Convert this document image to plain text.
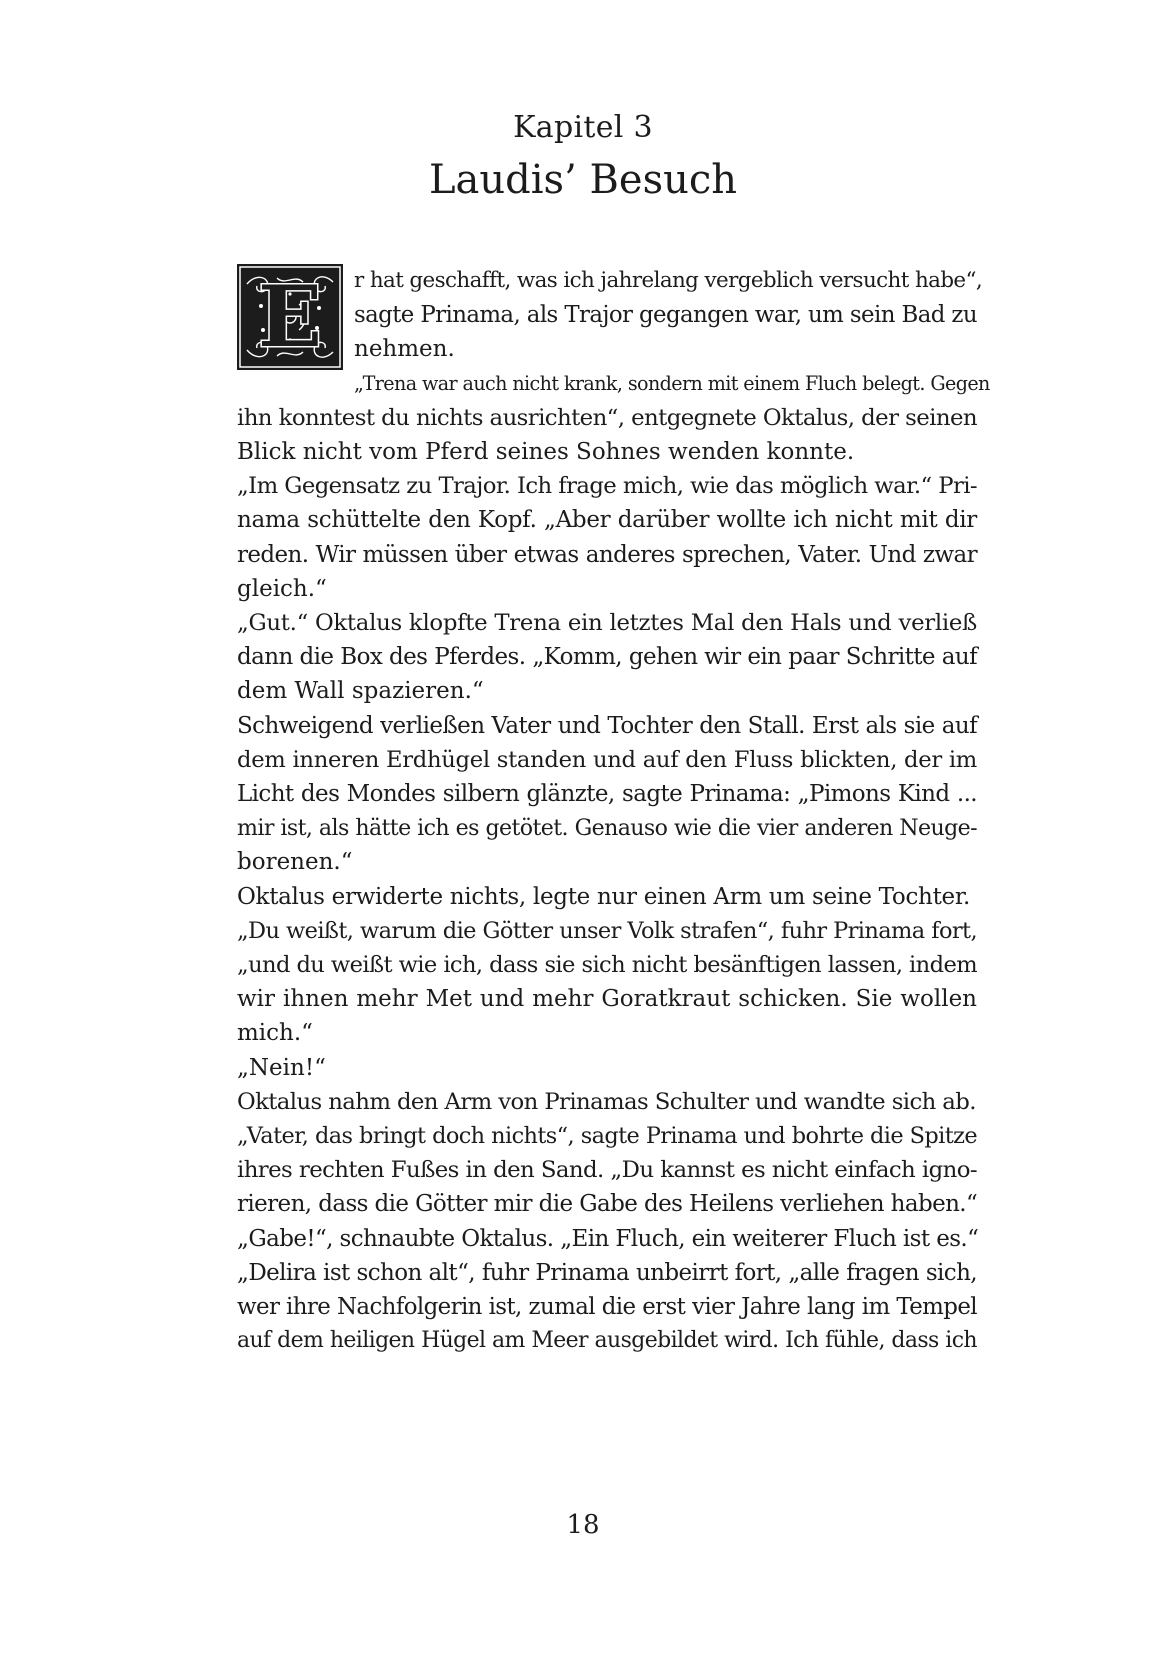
Kapitel 3
Laudis’ Besuch
E	r hat geschafft, was ich jahrelang vergeblich versucht habe“,
sagte Prinama, als Trajor gegangen war, um sein Bad zu
nehmen.
„Trena war auch nicht krank, sondern mit einem Fluch belegt. Gegen
ihn konntest du nichts ausrichten“, entgegnete Oktalus, der seinen
Blick nicht vom Pferd seines Sohnes wenden konnte.
„Im Gegensatz zu Trajor. Ich frage mich, wie das möglich war.“ Pri-
nama schüttelte den Kopf. „Aber darüber wollte ich nicht mit dir
reden. Wir müssen über etwas anderes sprechen, Vater. Und zwar
gleich.“
„Gut.“ Oktalus klopfte Trena ein letztes Mal den Hals und verließ
dann die Box des Pferdes. „Komm, gehen wir ein paar Schritte auf
dem Wall spazieren.“
Schweigend verließen Vater und Tochter den Stall. Erst als sie auf
dem inneren Erdhügel standen und auf den Fluss blickten, der im
Licht des Mondes silbern glänzte, sagte Prinama: „Pimons Kind ...
mir ist, als hätte ich es getötet. Genauso wie die vier anderen Neuge-
borenen.“
Oktalus erwiderte nichts, legte nur einen Arm um seine Tochter.
„Du weißt, warum die Götter unser Volk strafen“, fuhr Prinama fort,
„und du weißt wie ich, dass sie sich nicht besänftigen lassen, indem
wir ihnen mehr Met und mehr Goratkraut schicken. Sie wollen
mich.“
„Nein!“
Oktalus nahm den Arm von Prinamas Schulter und wandte sich ab.
„Vater, das bringt doch nichts“, sagte Prinama und bohrte die Spitze
ihres rechten Fußes in den Sand. „Du kannst es nicht einfach igno-
rieren, dass die Götter mir die Gabe des Heilens verliehen haben.“
„Gabe!“, schnaubte Oktalus. „Ein Fluch, ein weiterer Fluch ist es.“
„Delira ist schon alt“, fuhr Prinama unbeirrt fort, „alle fragen sich,
wer ihre Nachfolgerin ist, zumal die erst vier Jahre lang im Tempel
auf dem heiligen Hügel am Meer ausgebildet wird. Ich fühle, dass ich
18
